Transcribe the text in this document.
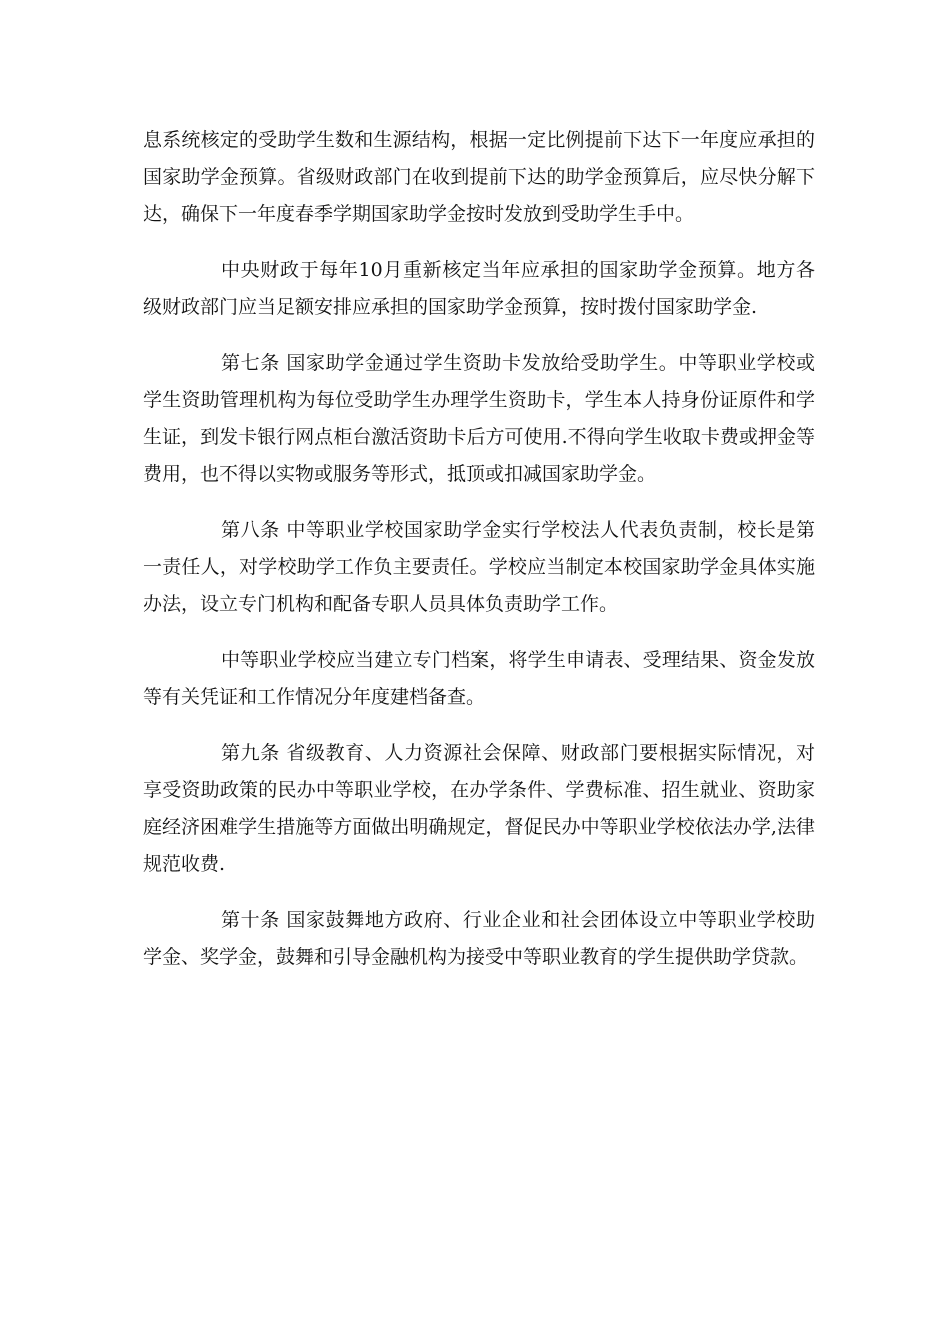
息系统核定的受助学生数和生源结构，根据一定比例提前下达下一年度应承担的国家助学金预算。省级财政部门在收到提前下达的助学金预算后，应尽快分解下达，确保下一年度春季学期国家助学金按时发放到受助学生手中。

中央财政于每年10月重新核定当年应承担的国家助学金预算。地方各级财政部门应当足额安排应承担的国家助学金预算，按时拨付国家助学金.

第七条 国家助学金通过学生资助卡发放给受助学生。中等职业学校或学生资助管理机构为每位受助学生办理学生资助卡，学生本人持身份证原件和学生证，到发卡银行网点柜台激活资助卡后方可使用.不得向学生收取卡费或押金等费用，也不得以实物或服务等形式，抵顶或扣减国家助学金。

第八条 中等职业学校国家助学金实行学校法人代表负责制，校长是第一责任人，对学校助学工作负主要责任。学校应当制定本校国家助学金具体实施办法，设立专门机构和配备专职人员具体负责助学工作。

中等职业学校应当建立专门档案，将学生申请表、受理结果、资金发放等有关凭证和工作情况分年度建档备查。

第九条 省级教育、人力资源社会保障、财政部门要根据实际情况，对享受资助政策的民办中等职业学校，在办学条件、学费标准、招生就业、资助家庭经济困难学生措施等方面做出明确规定，督促民办中等职业学校依法办学,法律规范收费.

第十条 国家鼓舞地方政府、行业企业和社会团体设立中等职业学校助学金、奖学金，鼓舞和引导金融机构为接受中等职业教育的学生提供助学贷款。
